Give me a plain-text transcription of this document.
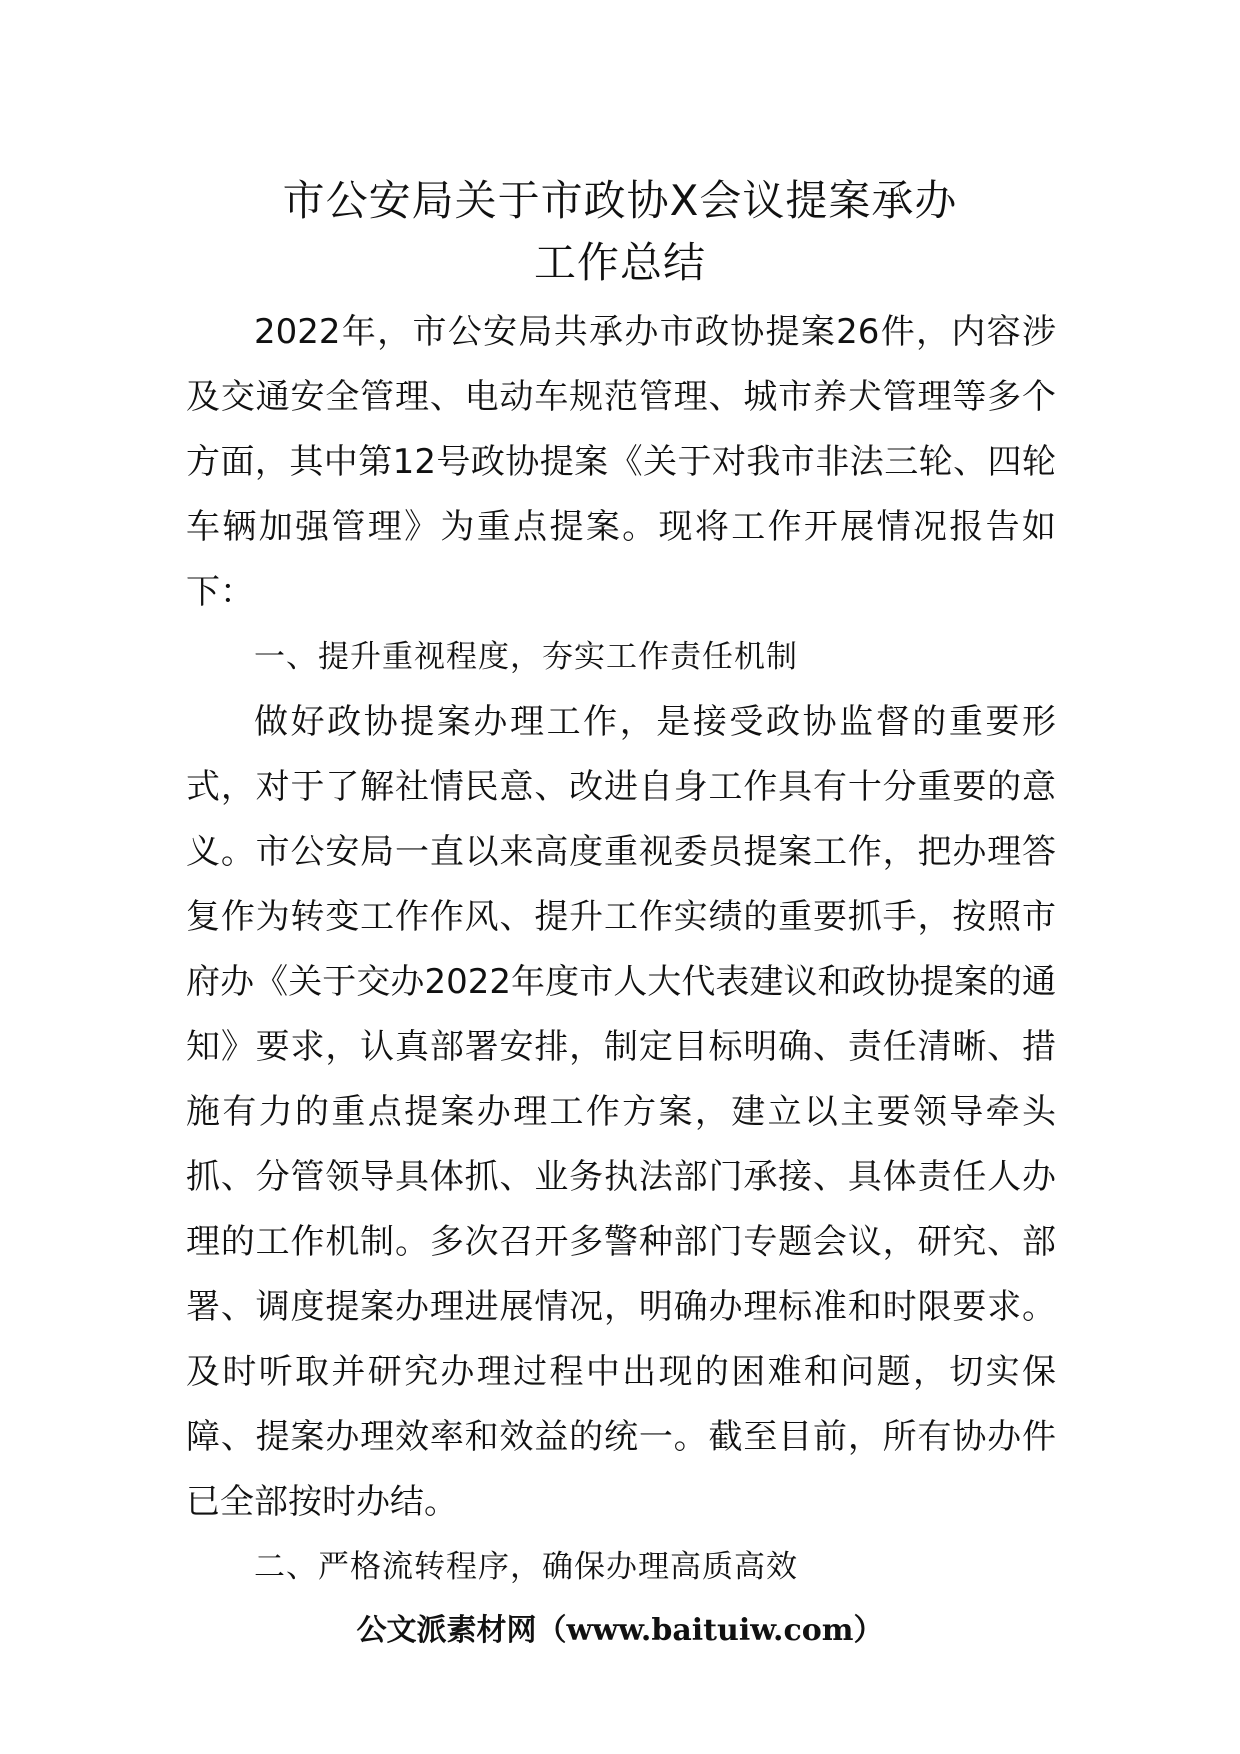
市公安局关于市政协Ⅹ会议提案承办
工作总结

2022年，市公安局共承办市政协提案26件，内容涉及交通安全管理、电动车规范管理、城市养犬管理等多个方面，其中第12号政协提案《关于对我市非法三轮、四轮车辆加强管理》为重点提案。现将工作开展情况报告如下：

一、提升重视程度，夯实工作责任机制

做好政协提案办理工作，是接受政协监督的重要形式，对于了解社情民意、改进自身工作具有十分重要的意义。市公安局一直以来高度重视委员提案工作，把办理答复作为转变工作作风、提升工作实绩的重要抓手，按照市府办《关于交办2022年度市人大代表建议和政协提案的通知》要求，认真部署安排，制定目标明确、责任清晰、措施有力的重点提案办理工作方案，建立以主要领导牵头抓、分管领导具体抓、业务执法部门承接、具体责任人办理的工作机制。多次召开多警种部门专题会议，研究、部署、调度提案办理进展情况，明确办理标准和时限要求。及时听取并研究办理过程中出现的困难和问题，切实保障、提案办理效率和效益的统一。截至目前，所有协办件已全部按时办结。

二、严格流转程序，确保办理高质高效
公文派素材网（www.baituiw.com）
